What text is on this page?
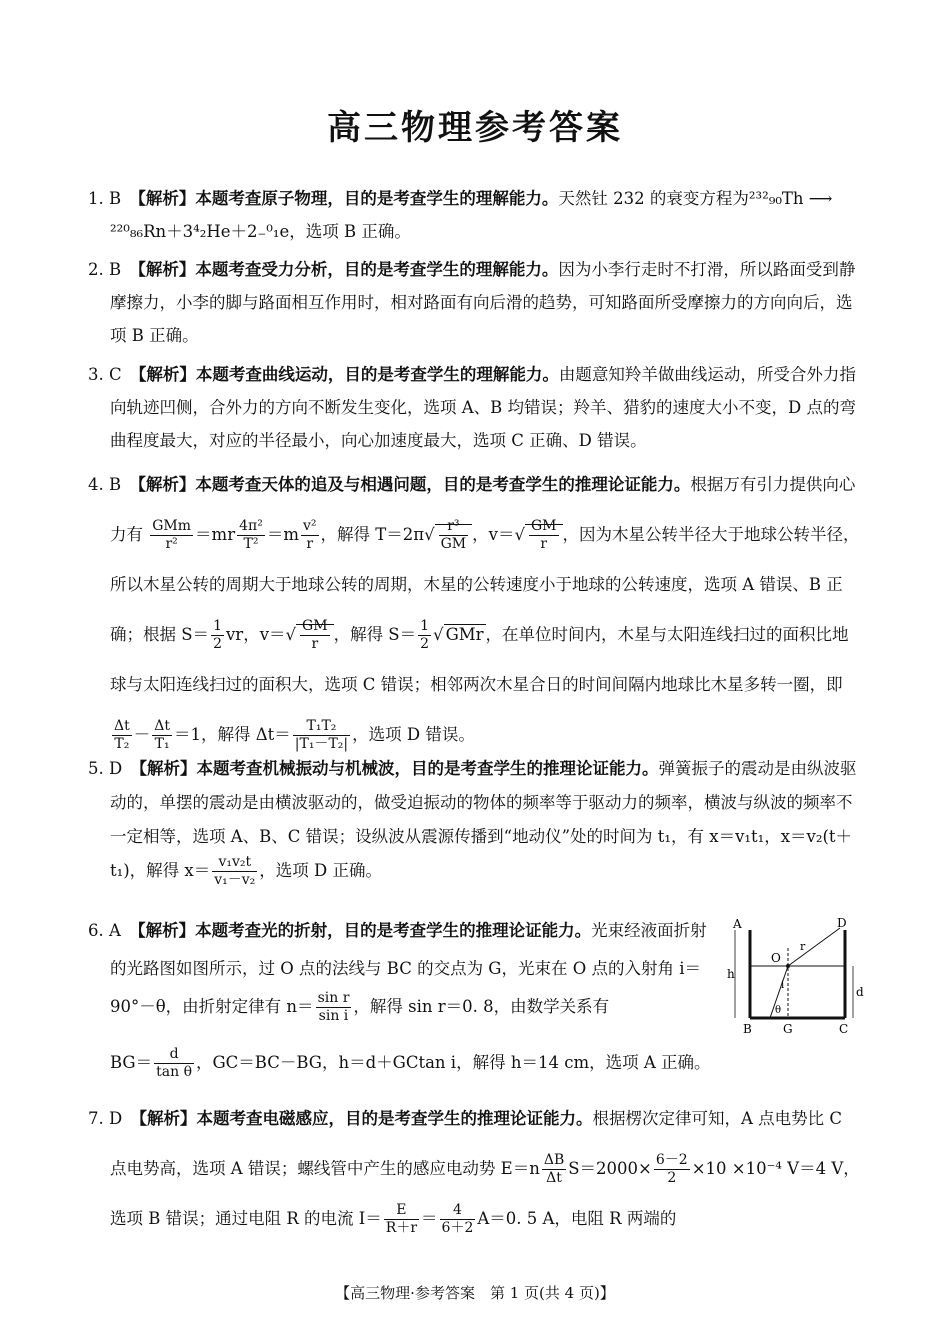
高三物理参考答案

1. B　 【解析】本题考查原子物理，目的是考查学生的理解能力。天然钍 232 的衰变方程为²³²₉₀Th ⟶ ²²⁰₈₆Rn＋3⁴₂He＋2₋⁰₁e，选项 B 正确。

2. B　 【解析】本题考查受力分析，目的是考查学生的理解能力。因为小李行走时不打滑，所以路面受到静摩擦力，小李的脚与路面相互作用时，相对路面有向后滑的趋势，可知路面所受摩擦力的方向向后，选项 B 正确。

3. C　 【解析】本题考查曲线运动，目的是考查学生的理解能力。由题意知羚羊做曲线运动，所受合外力指向轨迹凹侧，合外力的方向不断发生变化，选项 A、B 均错误；羚羊、猎豹的速度大小不变，D 点的弯曲程度最大，对应的半径最小，向心加速度最大，选项 C 正确、D 错误。

4. B　 【解析】本题考查天体的追及与相遇问题，目的是考查学生的推理论证能力。根据万有引力提供向心力有 $\frac{\text{GMm}}{\text{r²}} =mr \frac{\text{4π²}}{\text{T²}} =m \frac{\text{v²}}{r}$ ，解得 $T=2\pi√ \frac{\text{r³}}{GM}$ ，$v=√ \frac{GM}{r}$ ，因为木星公转半径大于地球公转半径，所以木星公转的周期大于地球公转的周期，木星的公转速度小于地球的公转速度，选项 A 错误、B 正确；根据 $S= \frac{1}{2}$ vr，$v=√ \frac{GM}{r}$ ，解得 $S= \frac{1}{2}$ √ GMr ，在单位时间内，木星与太阳连线扫过的面积比地球与太阳连线扫过的面积大，选项 C 错误；相邻两次木星合日的时间间隔内地球比木星多转一圈，即
$\frac{\Delta t}{\text{T₂}} - \frac{\Delta t}{\text{T₁}} =1$，解得 $\Delta t= \frac{\text{T₁T₂}}{\text{|T₁－T₂|}}$ ，选项 D 错误。

5. D　 【解析】本题考查机械振动与机械波，目的是考查学生的推理论证能力。弹簧振子的震动是由纵波驱动的，单摆的震动是由横波驱动的，做受迫振动的物体的频率等于驱动力的频率，横波与纵波的频率不一定相等，选项 A、B、C 错误；设纵波从震源传播到“地动仪”处的时间为 t₁，有 x＝v₁t₁，x＝v₂(t＋t₁)，解得 $x= \frac{\text{v₁v₂t}}{\text{v₁－v₂}}$ ，选项 D 正确。

6. A　 【解析】本题考查光的折射，目的是考查学生的推理论证能力。光束经液面折射的光路图如图所示，过 O 点的法线与 BC 的交点为 G，光束在 O 点的入射角 i＝90°－θ，由折射定律有 $n= \frac{\text{sin r}}{\text{sin i}}$ ，解得 sin r＝0. 8，由数学关系有

$BG= \frac{d}{\text{tan θ}}$ ，GC＝BC－BG，h＝d＋GCtan i，解得 h＝14 cm，选项 A 正确。

A	D
O
r
h
i
θ
d
B	G	C

7. D　 【解析】本题考查电磁感应，目的是考查学生的推理论证能力。根据楞次定律可知，A 点电势比 C 点电势高，选项 A 错误；螺线管中产生的感应电动势 $E=n \frac{\Delta B}{\Delta t} S=2000\times \frac{6-2}{2} \times 10 \times 10^{-4}$ V＝4 V，选项 B 错误；通过电阻 R 的电流 $I= \frac{E}{R+r} = \frac{4}{6+2} A=0$. 5 A，电阻 R 两端的

【高三物理·参考答案　第 1 页(共 4 页)】
